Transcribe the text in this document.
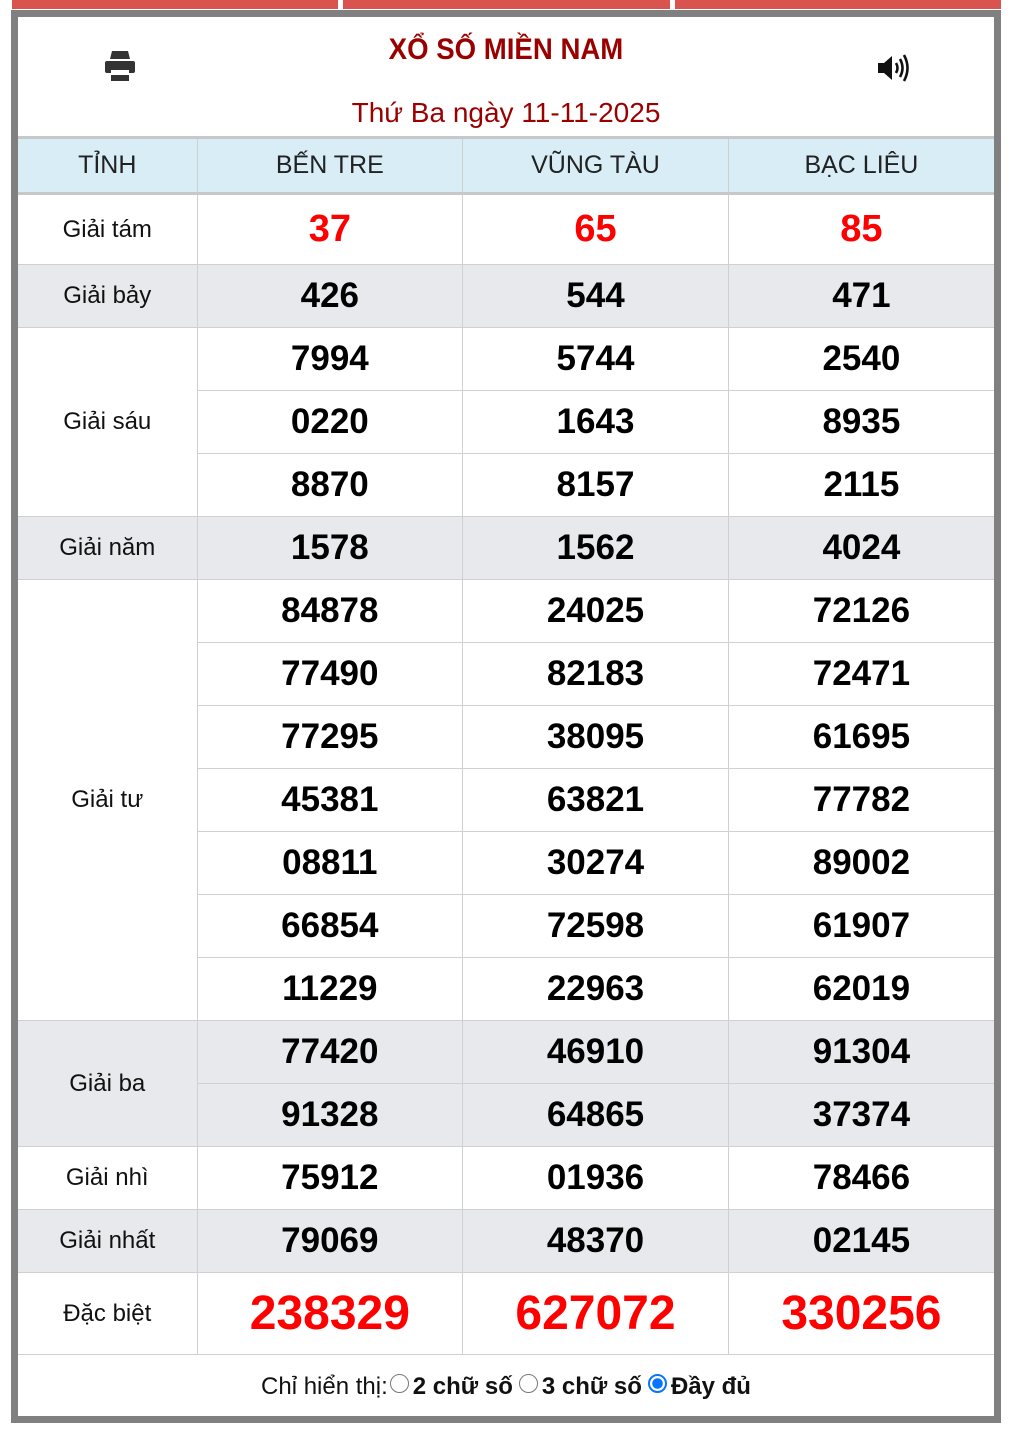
XỔ SỐ MIỀN NAM
Thứ Ba ngày 11-11-2025
TỈNH	BẾN TRE	VŨNG TÀU	BẠC LIÊU
Giải tám	37	65	85
Giải bảy	426	544	471
Giải sáu	7994	5744	2540
	0220	1643	8935
	8870	8157	2115
Giải năm	1578	1562	4024
Giải tư	84878	24025	72126
	77490	82183	72471
	77295	38095	61695
	45381	63821	77782
	08811	30274	89002
	66854	72598	61907
	11229	22963	62019
Giải ba	77420	46910	91304
	91328	64865	37374
Giải nhì	75912	01936	78466
Giải nhất	79069	48370	02145
Đặc biệt	238329	627072	330256
Chỉ hiển thị: 2 chữ số 3 chữ số Đầy đủ
